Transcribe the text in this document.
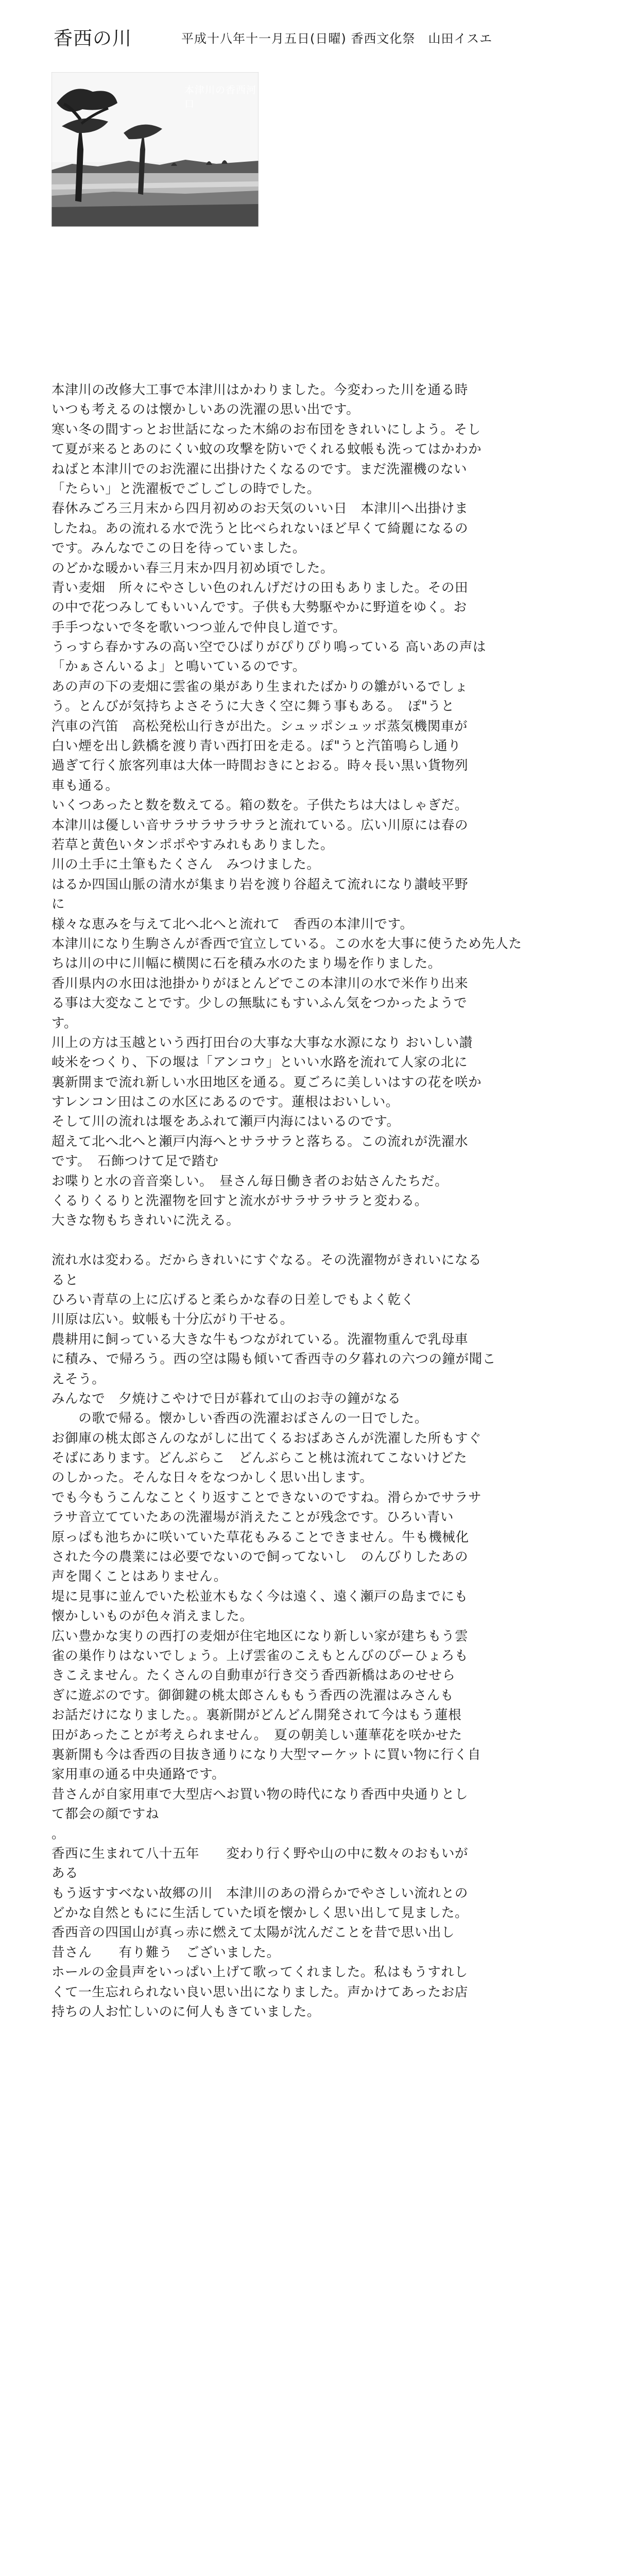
香西の川	平成十八年十一月五日(日曜) 香西文化祭　山田イスエ
本津川の香西河口
本津川の改修大工事で本津川はかわりました。今変わった川を通る時
いつも考えるのは懐かしいあの洗濯の思い出です。
寒い冬の間すっとお世話になった木綿のお布団をきれいにしよう。そし
て夏が来るとあのにくい蚊の攻撃を防いでくれる蚊帳も洗ってはかわか
ねばと本津川でのお洗濯に出掛けたくなるのです。まだ洗濯機のない
「たらい」と洗濯板でごしごしの時でした。
春休みごろ三月末から四月初めのお天気のいい日　本津川へ出掛けま
したね。あの流れる水で洗うと比べられないほど早くて綺麗になるの
です。みんなでこの日を待っていました。
のどかな暖かい春三月末か四月初め頃でした。
青い麦畑　所々にやさしい色のれんげだけの田もありました。その田
の中で花つみしてもいいんです。子供も大勢駆やかに野道をゆく。お
手手つないで冬を歌いつつ並んで仲良し道です。
うっすら春かすみの高い空でひばりがぴりぴり鳴っている 高いあの声は
「かぁさんいるよ」と鳴いているのです。
あの声の下の麦畑に雲雀の巣があり生まれたばかりの雛がいるでしょ
う。とんびが気持ちよさそうに大きく空に舞う事もある。　ぽ"うと
汽車の汽笛　高松発松山行きが出た。シュッポシュッポ蒸気機関車が
白い煙を出し鉄橋を渡り青い西打田を走る。ぽ"うと汽笛鳴らし通り
過ぎて行く旅客列車は大体一時間おきにとおる。時々長い黒い貨物列
車も通る。
いくつあったと数を数えてる。箱の数を。子供たちは大はしゃぎだ。
本津川は優しい音サラサラサラサラと流れている。広い川原には春の
若草と黄色いタンポポやすみれもありました。
川の土手に土筆もたくさん　みつけました。
はるか四国山脈の清水が集まり岩を渡り谷超えて流れになり讃岐平野
に
様々な恵みを与えて北へ北へと流れて　香西の本津川です。
本津川になり生駒さんが香西で宜立している。この水を大事に使うため先人た
ちは川の中に川幅に横関に石を積み水のたまり場を作りました。
香川県内の水田は池掛かりがほとんどでこの本津川の水で米作り出来
る事は大変なことです。少しの無駄にもすいふん気をつかったようで
す。
川上の方は玉越という西打田台の大事な大事な水源になり おいしい讃
岐米をつくり、下の堰は「アンコウ」といい水路を流れて人家の北に
裏新開まで流れ新しい水田地区を通る。夏ごろに美しいはすの花を咲か
すレンコン田はこの水区にあるのです。蓮根はおいしい。
そして川の流れは堰をあふれて瀬戸内海にはいるのです。
超えて北へ北へと瀬戸内海へとサラサラと落ちる。この流れが洗濯水
です。　石飾つけて足で踏む
お喋りと水の音音楽しい。　昼さん毎日働き者のお姑さんたちだ。
くるりくるりと洗濯物を回すと流水がサラサラサラと変わる。
大きな物もちきれいに洗える。
流れ水は変わる。だからきれいにすぐなる。その洗濯物がきれいになる
ると
ひろい青草の上に広げると柔らかな春の日差しでもよく乾く
川原は広い。蚊帳も十分広がり干せる。
農耕用に飼っている大きな牛もつながれている。洗濯物重んで乳母車
に積み、で帰ろう。西の空は陽も傾いて香西寺の夕暮れの六つの鐘が聞こ
えそう。
みんなで　夕焼けこやけで日が暮れて山のお寺の鐘がなる
　　の歌で帰る。懐かしい香西の洗濯おばさんの一日でした。
お御庫の桃太郎さんのながしに出てくるおばあさんが洗濯した所もすぐ
そばにあります。どんぶらこ　どんぶらこと桃は流れてこないけどた
のしかった。そんな日々をなつかしく思い出します。
でも今もうこんなことくり返すことできないのですね。滑らかでサラサ
ラサ音立てていたあの洗濯場が消えたことが残念です。ひろい青い
原っぱも池ちかに咲いていた草花もみることできません。牛も機械化
された今の農業には必要でないので飼ってないし　のんびりしたあの
声を聞くことはありません。
堤に見事に並んでいた松並木もなく今は遠く、遠く瀬戸の島までにも
懐かしいものが色々消えました。
広い豊かな実りの西打の麦畑が住宅地区になり新しい家が建ちもう雲
雀の巣作りはないでしょう。上げ雲雀のこえもとんびのぴーひょろも
きこえません。たくさんの自動車が行き交う香西新橋はあのせせら
ぎに遊ぶのです。御御鍵の桃太郎さんももう香西の洗濯はみさんも
お話だけになりました。。裏新開がどんどん開発されて今はもう蓮根
田があったことが考えられません。　夏の朝美しい蓮華花を咲かせた
裏新開も今は香西の目抜き通りになり大型マーケットに買い物に行く自
家用車の通る中央通路です。
昔さんが自家用車で大型店へお買い物の時代になり香西中央通りとし
て都会の顔ですね
。
香西に生まれて八十五年　　変わり行く野や山の中に数々のおもいが
ある
もう返すすべない故郷の川　本津川のあの滑らかでやさしい流れとの
どかな自然ともにに生活していた頃を懐かしく思い出して見ました。
香西音の四国山が真っ赤に燃えて太陽が沈んだことを昔で思い出し
昔さん　　有り難う　ございました。
ホールの金員声をいっぱい上げて歌ってくれました。私はもうすれし
くて一生忘れられない良い思い出になりました。声かけてあったお店
持ちの人お忙しいのに何人もきていました。
